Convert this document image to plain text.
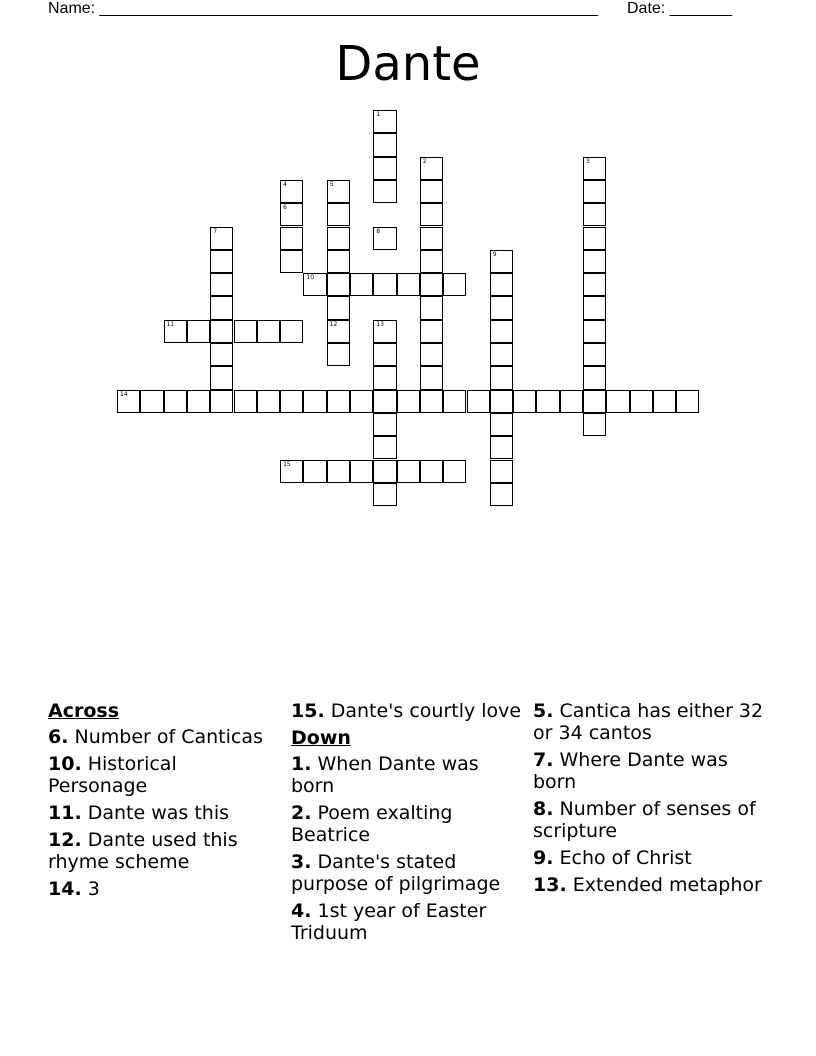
Name: ________________________________________________________ Date: _______
Dante
1
2	3
4
6
5
12
7	8
9
10
11	13
14
15
Across
6. Number of Canticas
10. Historical Personage
11. Dante was this
12. Dante used this rhyme scheme
14. 3
15. Dante's courtly love
Down
1. When Dante was born
2. Poem exalting Beatrice
3. Dante's stated purpose of pilgrimage
4. 1st year of Easter Triduum
5. Cantica has either 32 or 34 cantos
7. Where Dante was born
8. Number of senses of scripture
9. Echo of Christ
13. Extended metaphor
